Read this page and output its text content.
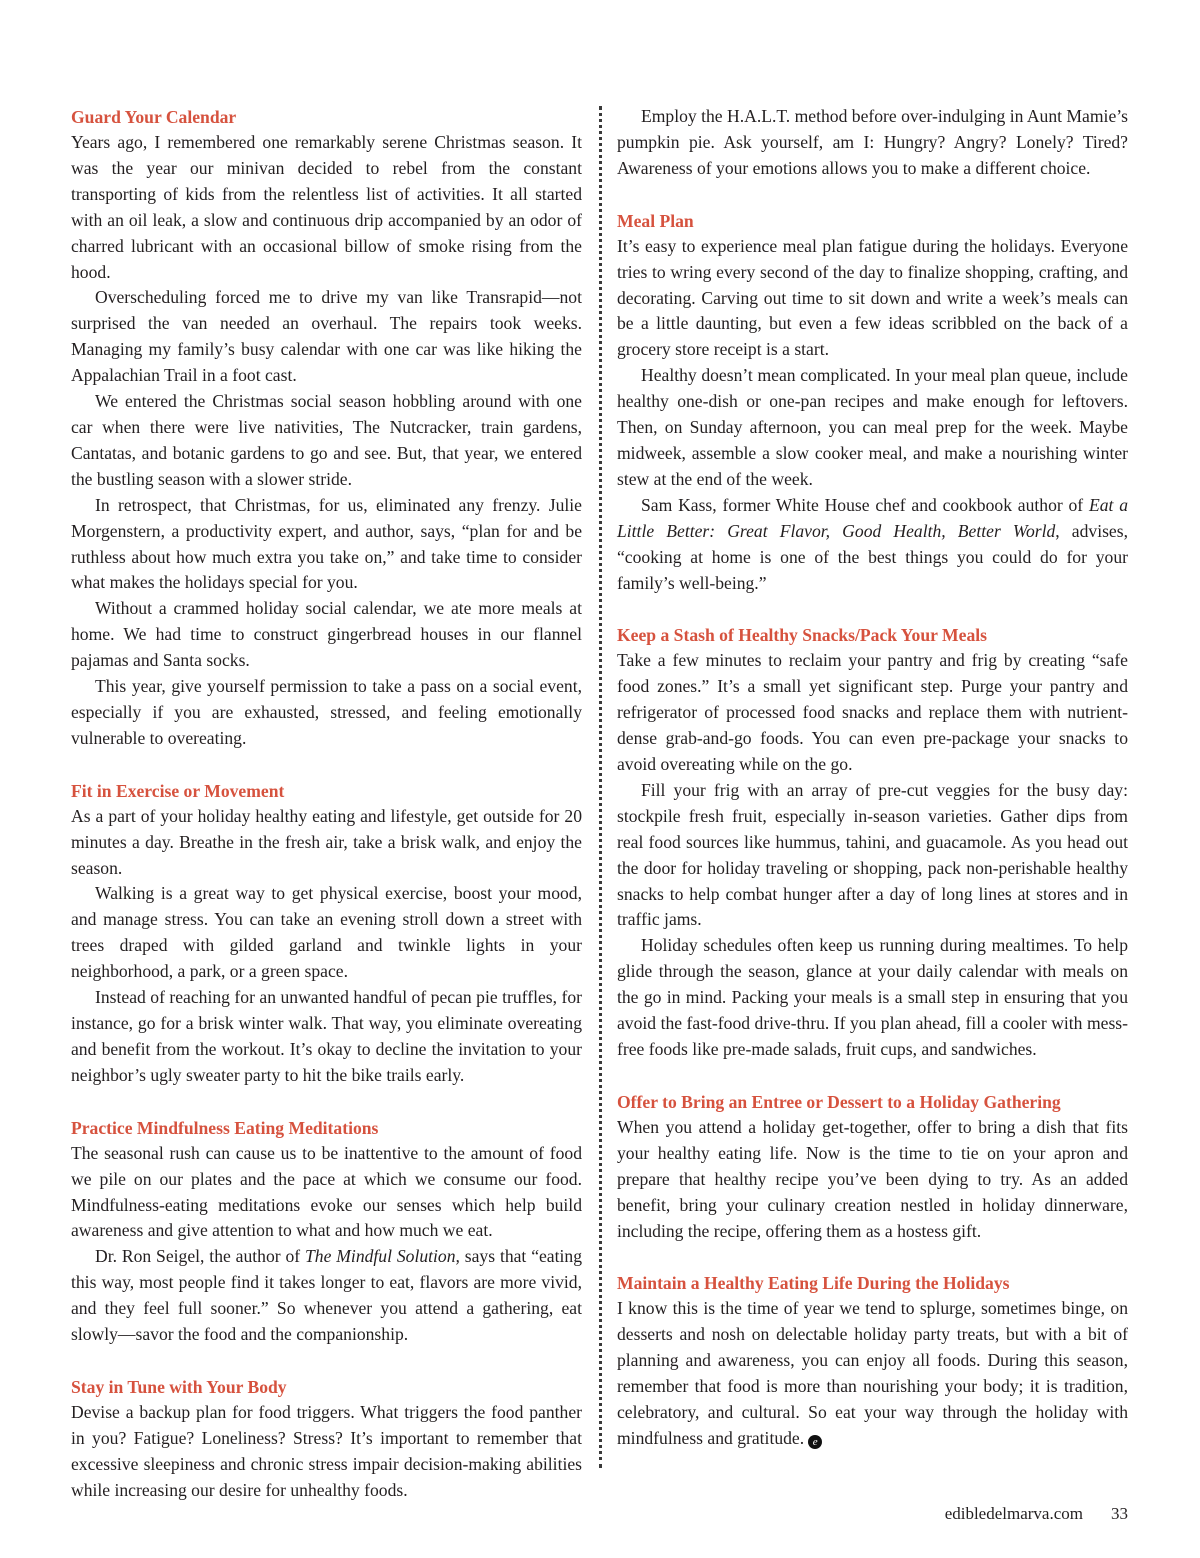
Guard Your Calendar

Years ago, I remembered one remarkably serene Christmas season. It was the year our minivan decided to rebel from the constant transporting of kids from the relentless list of activities. It all started with an oil leak, a slow and continuous drip accompanied by an odor of charred lubricant with an occasional billow of smoke rising from the hood.

Overscheduling forced me to drive my van like Transrapid—not surprised the van needed an overhaul. The repairs took weeks. Managing my family’s busy calendar with one car was like hiking the Appalachian Trail in a foot cast.

We entered the Christmas social season hobbling around with one car when there were live nativities, The Nutcracker, train gardens, Cantatas, and botanic gardens to go and see. But, that year, we entered the bustling season with a slower stride.

In retrospect, that Christmas, for us, eliminated any frenzy. Julie Morgenstern, a productivity expert, and author, says, “plan for and be ruthless about how much extra you take on,” and take time to consider what makes the holidays special for you.

Without a crammed holiday social calendar, we ate more meals at home. We had time to construct gingerbread houses in our flannel pajamas and Santa socks.

This year, give yourself permission to take a pass on a social event, especially if you are exhausted, stressed, and feeling emotionally vulnerable to overeating.

Fit in Exercise or Movement

As a part of your holiday healthy eating and lifestyle, get outside for 20 minutes a day. Breathe in the fresh air, take a brisk walk, and enjoy the season.

Walking is a great way to get physical exercise, boost your mood, and manage stress. You can take an evening stroll down a street with trees draped with gilded garland and twinkle lights in your neighborhood, a park, or a green space.

Instead of reaching for an unwanted handful of pecan pie truffles, for instance, go for a brisk winter walk. That way, you eliminate overeating and benefit from the workout. It’s okay to decline the invitation to your neighbor’s ugly sweater party to hit the bike trails early.

Practice Mindfulness Eating Meditations

The seasonal rush can cause us to be inattentive to the amount of food we pile on our plates and the pace at which we consume our food. Mindfulness-eating meditations evoke our senses which help build awareness and give attention to what and how much we eat.

Dr. Ron Seigel, the author of The Mindful Solution, says that “eating this way, most people find it takes longer to eat, flavors are more vivid, and they feel full sooner.” So whenever you attend a gathering, eat slowly—savor the food and the companionship.

Stay in Tune with Your Body

Devise a backup plan for food triggers. What triggers the food panther in you? Fatigue? Loneliness? Stress? It’s important to remember that excessive sleepiness and chronic stress impair decision-making abilities while increasing our desire for unhealthy foods.

Employ the H.A.L.T. method before over-indulging in Aunt Mamie’s pumpkin pie. Ask yourself, am I: Hungry? Angry? Lonely? Tired? Awareness of your emotions allows you to make a different choice.

Meal Plan

It’s easy to experience meal plan fatigue during the holidays. Everyone tries to wring every second of the day to finalize shopping, crafting, and decorating. Carving out time to sit down and write a week’s meals can be a little daunting, but even a few ideas scribbled on the back of a grocery store receipt is a start.

Healthy doesn’t mean complicated. In your meal plan queue, include healthy one-dish or one-pan recipes and make enough for leftovers. Then, on Sunday afternoon, you can meal prep for the week. Maybe midweek, assemble a slow cooker meal, and make a nourishing winter stew at the end of the week.

Sam Kass, former White House chef and cookbook author of Eat a Little Better: Great Flavor, Good Health, Better World, advises, “cooking at home is one of the best things you could do for your family’s well-being.”

Keep a Stash of Healthy Snacks/Pack Your Meals

Take a few minutes to reclaim your pantry and frig by creating “safe food zones.” It’s a small yet significant step. Purge your pantry and refrigerator of processed food snacks and replace them with nutrient-dense grab-and-go foods. You can even pre-package your snacks to avoid overeating while on the go.

Fill your frig with an array of pre-cut veggies for the busy day: stockpile fresh fruit, especially in-season varieties. Gather dips from real food sources like hummus, tahini, and guacamole. As you head out the door for holiday traveling or shopping, pack non-perishable healthy snacks to help combat hunger after a day of long lines at stores and in traffic jams.

Holiday schedules often keep us running during mealtimes. To help glide through the season, glance at your daily calendar with meals on the go in mind. Packing your meals is a small step in ensuring that you avoid the fast-food drive-thru. If you plan ahead, fill a cooler with mess-free foods like pre-made salads, fruit cups, and sandwiches.

Offer to Bring an Entree or Dessert to a Holiday Gathering

When you attend a holiday get-together, offer to bring a dish that fits your healthy eating life. Now is the time to tie on your apron and prepare that healthy recipe you’ve been dying to try. As an added benefit, bring your culinary creation nestled in holiday dinnerware, including the recipe, offering them as a hostess gift.

Maintain a Healthy Eating Life During the Holidays

I know this is the time of year we tend to splurge, sometimes binge, on desserts and nosh on delectable holiday party treats, but with a bit of planning and awareness, you can enjoy all foods. During this season, remember that food is more than nourishing your body; it is tradition, celebratory, and cultural. So eat your way through the holiday with mindfulness and gratitude. e

edibledelmarva.com 33
